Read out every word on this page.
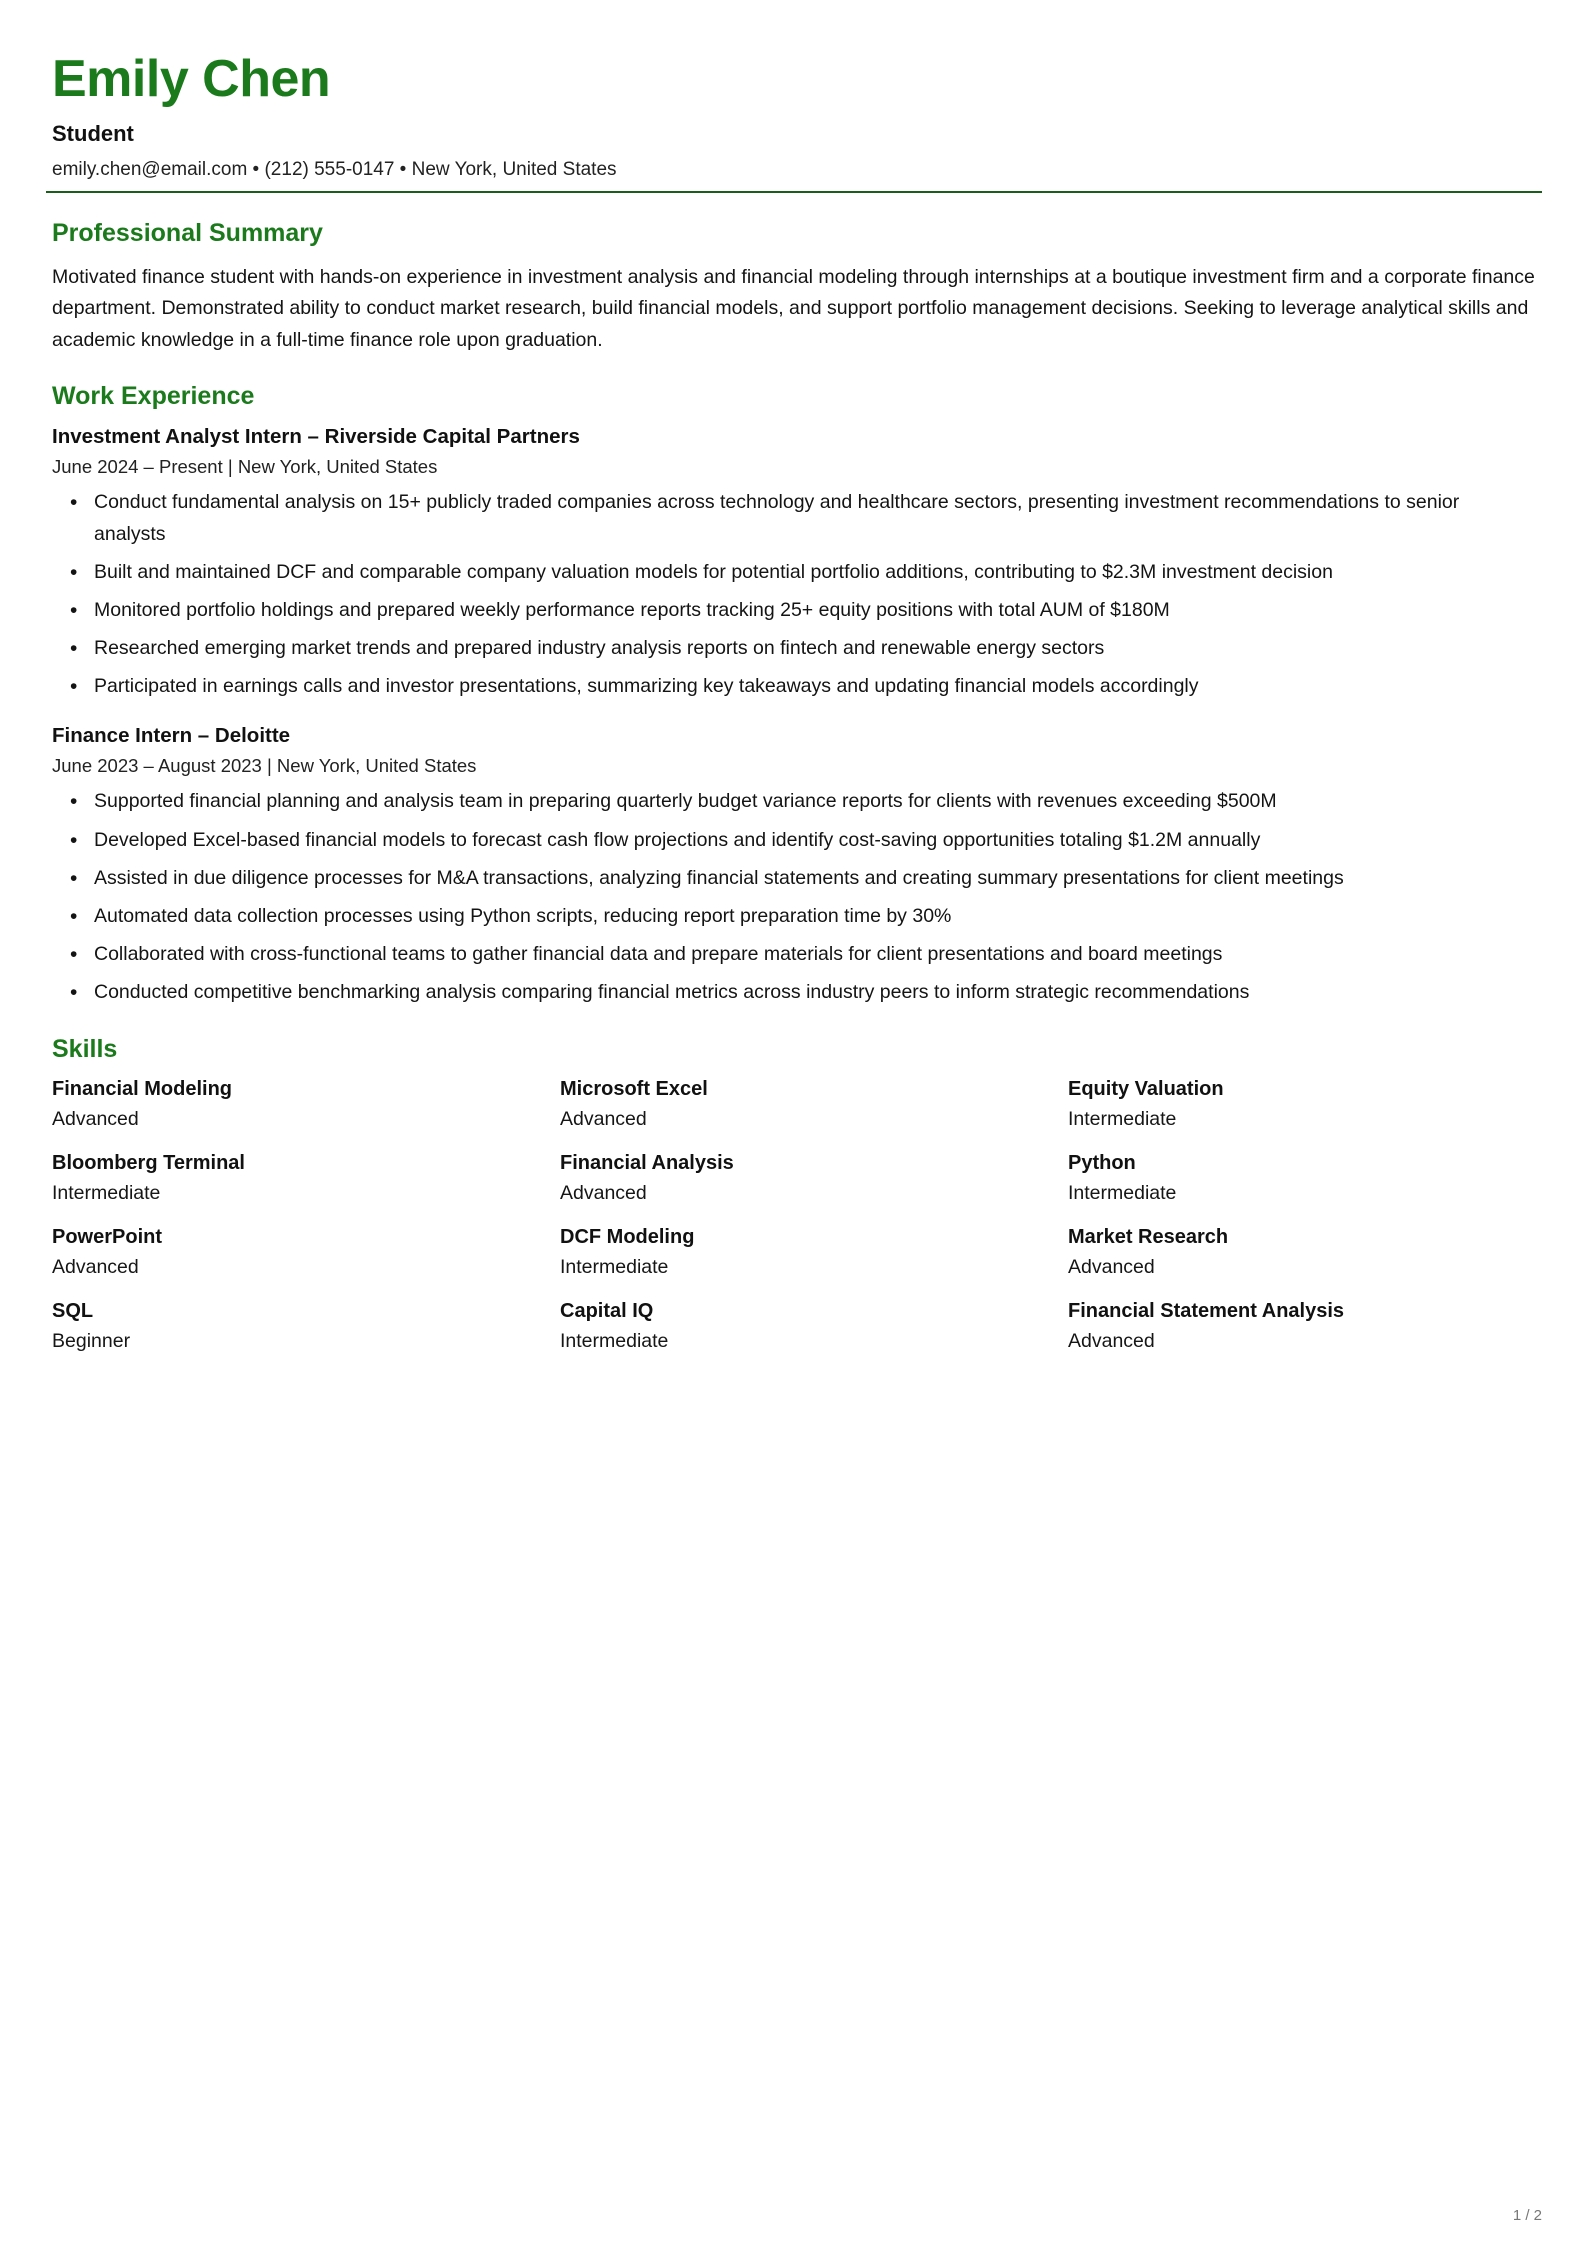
Emily Chen
Student
emily.chen@email.com • (212) 555-0147 • New York, United States
Professional Summary

Motivated finance student with hands-on experience in investment analysis and financial modeling through internships at a boutique investment firm and a corporate finance department. Demonstrated ability to conduct market research, build financial models, and support portfolio management decisions. Seeking to leverage analytical skills and academic knowledge in a full-time finance role upon graduation.

Work Experience
Investment Analyst Intern – Riverside Capital Partners
June 2024 – Present | New York, United States
• Conduct fundamental analysis on 15+ publicly traded companies across technology and healthcare sectors, presenting investment recommendations to senior analysts
• Built and maintained DCF and comparable company valuation models for potential portfolio additions, contributing to $2.3M investment decision
• Monitored portfolio holdings and prepared weekly performance reports tracking 25+ equity positions with total AUM of $180M
• Researched emerging market trends and prepared industry analysis reports on fintech and renewable energy sectors
• Participated in earnings calls and investor presentations, summarizing key takeaways and updating financial models accordingly
Finance Intern – Deloitte
June 2023 – August 2023 | New York, United States
• Supported financial planning and analysis team in preparing quarterly budget variance reports for clients with revenues exceeding $500M
• Developed Excel-based financial models to forecast cash flow projections and identify cost-saving opportunities totaling $1.2M annually
• Assisted in due diligence processes for M&A transactions, analyzing financial statements and creating summary presentations for client meetings
• Automated data collection processes using Python scripts, reducing report preparation time by 30%
• Collaborated with cross-functional teams to gather financial data and prepare materials for client presentations and board meetings
• Conducted competitive benchmarking analysis comparing financial metrics across industry peers to inform strategic recommendations
Skills
Financial Modeling
Advanced
Microsoft Excel
Advanced
Equity Valuation
Intermediate
Bloomberg Terminal
Intermediate
Financial Analysis
Advanced
Python
Intermediate
PowerPoint
Advanced
DCF Modeling
Intermediate
Market Research
Advanced
SQL
Beginner
Capital IQ
Intermediate
Financial Statement Analysis
Advanced
1 / 2
